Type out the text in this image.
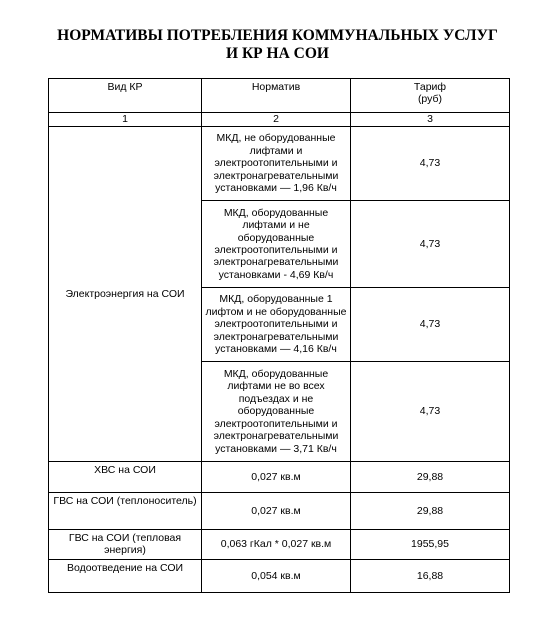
НОРМАТИВЫ ПОТРЕБЛЕНИЯ КОММУНАЛЬНЫХ УСЛУГ
И КР НА СОИ
Вид КР	Норматив	Тариф
(руб)

1	2	3
Электроэнергия на СОИ	МКД, не оборудованные лифтами и электроотопительными и электронагревательными установками — 1,96 Кв/ч	4,73
	МКД, оборудованные лифтами и не оборудованные электроотопительными и электронагревательными установками - 4,69 Кв/ч	4,73
	МКД, оборудованные 1 лифтом и не оборудованные электроотопительными и электронагревательными установками — 4,16 Кв/ч	4,73
	МКД, оборудованные лифтами не во всех подъездах и не оборудованные электроотопительными и электронагревательными установками — 3,71 Кв/ч	4,73
ХВС на СОИ	0,027 кв.м	29,88
ГВС на СОИ (теплоноситель)	0,027 кв.м	29,88
ГВС на СОИ (тепловая энергия)	0,063 гКал * 0,027 кв.м	1955,95
Водоотведение на СОИ	0,054 кв.м	16,88
